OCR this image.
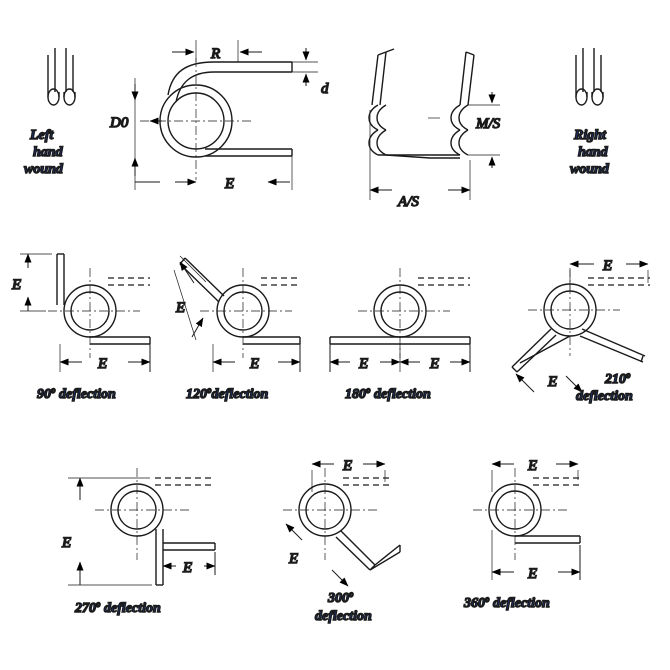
Left
hand
wound
Right
hand
wound
R
d
D0
E
M/S
A/S
E
E
90$^o$ deflection
E
E
120$^o$deflection
E	E
180$^o$ deflection
E
E	210$^o$
deflection
E
E
270$^o$ deflection
E
E
300$^o$
deflection
E
E
360$^o$ deflection
